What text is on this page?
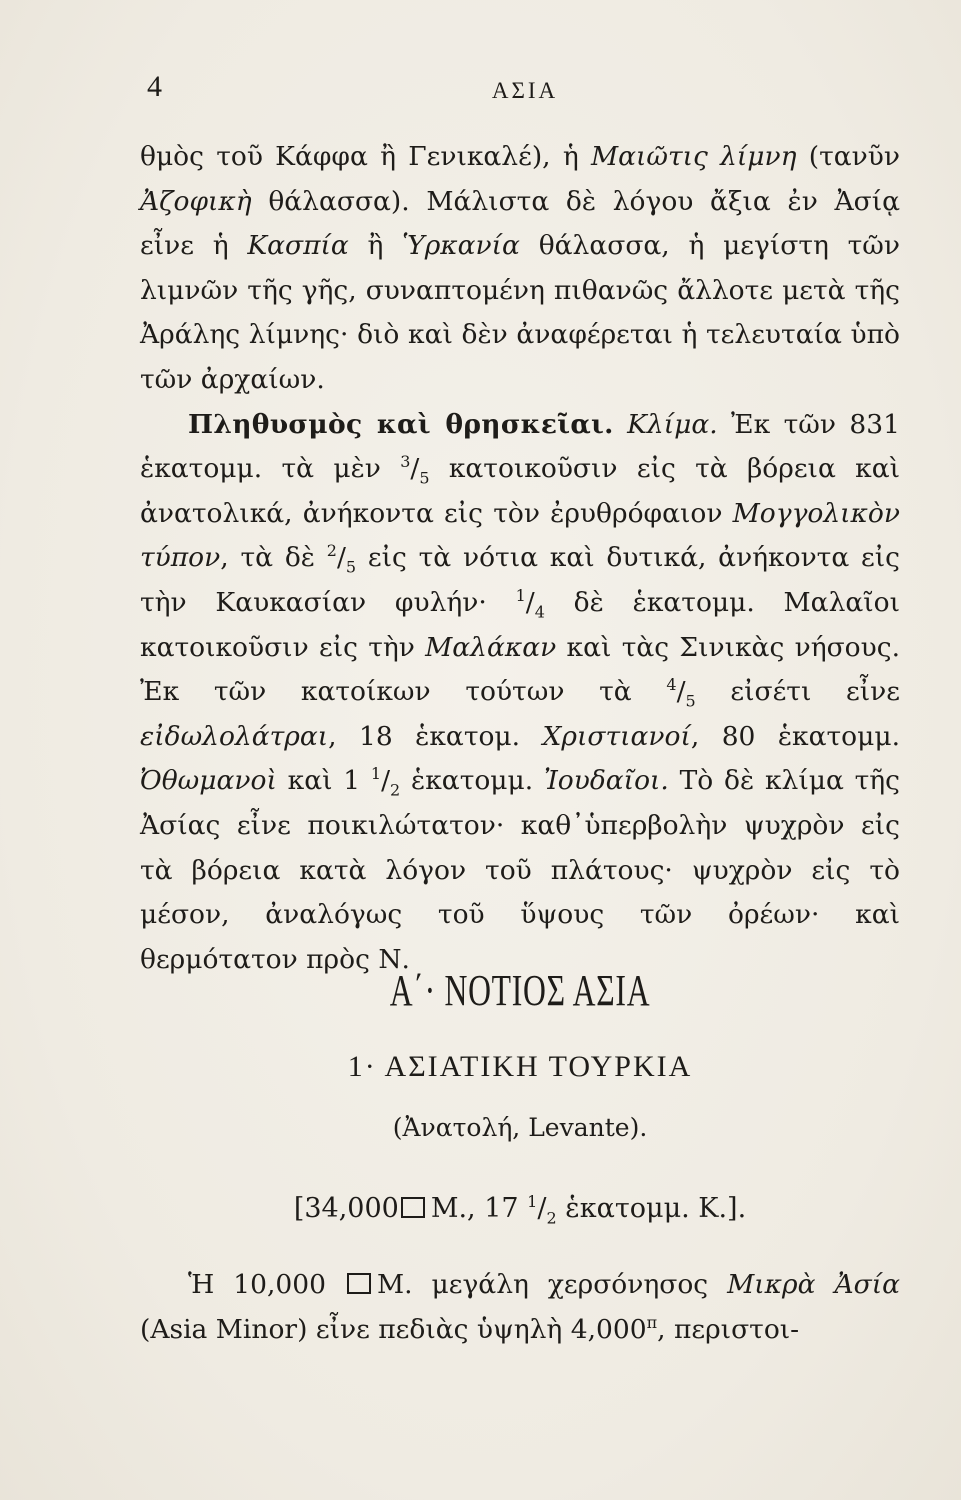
4	ΑΣΙΑ

θμὸς τοῦ Κάφφα ἢ Γενικαλέ), ἡ Μαιῶτις λίμνη (τανῦν Ἀζοφικὴ θάλασσα). Μάλιστα δὲ λόγου ἄξια ἐν Ἀσίᾳ εἶνε ἡ Κασπία ἢ Ὑρκανία θάλασσα, ἡ μεγίστη τῶν λιμνῶν τῆς γῆς, συναπτομένη πιθανῶς ἄλλοτε μετὰ τῆς Ἀράλης λίμνης· διὸ καὶ δὲν ἀναφέρεται ἡ τελευταία ὑπὸ τῶν ἀρχαίων.

Πληθυσμὸς καὶ θρησκεῖαι. Κλίμα. Ἐκ τῶν 831 ἑκατομμ. τὰ μὲν $^3/_5$ κατοικοῦσιν εἰς τὰ βόρεια καὶ ἀνατολικά, ἀνήκοντα εἰς τὸν ἐρυθρόφαιον Μογγολικὸν τύπον, τὰ δὲ $^2/_5$ εἰς τὰ νότια καὶ δυτικά, ἀνήκοντα εἰς τὴν Καυκασίαν $\varphi\upsilon\lambda ή\nu\cdot ^1/_4$ δὲ ἑκατομμ. Μαλαῖοι κατοικοῦσιν εἰς τὴν Μαλάκαν καὶ τὰς Σινικὰς νήσους. Ἐκ τῶν κατοίκων τούτων τὰ $^4/_5$ εἰσέτι εἶνε εἰδωλολάτραι, 18 ἑκατομ. Χριστιανοί, 80 ἑκατομμ. Ὀθωμανοὶ καὶ 1 $^1/_2$ ἑκατομμ. Ἰουδαῖοι. Τὸ δὲ κλίμα τῆς Ἀσίας εἶνε ποικιλώτατον· καθ᾽ὑπερβολὴν ψυχρὸν εἰς τὰ βόρεια κατὰ λόγον τοῦ πλάτους· ψυχρὸν εἰς τὸ μέσον, ἀναλόγως τοῦ ὕψους τῶν ὀρέων· καὶ θερμότατον πρὸς Ν.

Α΄· ΝΟΤΙΟΣ ΑΣΙΑ
1· ΑΣΙΑΤΙΚΗ ΤΟΥΡΚΙΑ
(Ἀνατολή, Levante).
[34,000 Μ., 17 $^1/_2$ ἑκατομμ. Κ.].

Ἡ 10,000 Μ. μεγάλη χερσόνησος Μικρὰ Ἀσία (Asia Minor) εἶνε πεδιὰς ὑψηλὴ $4,000^\pi$, περιστοι-
